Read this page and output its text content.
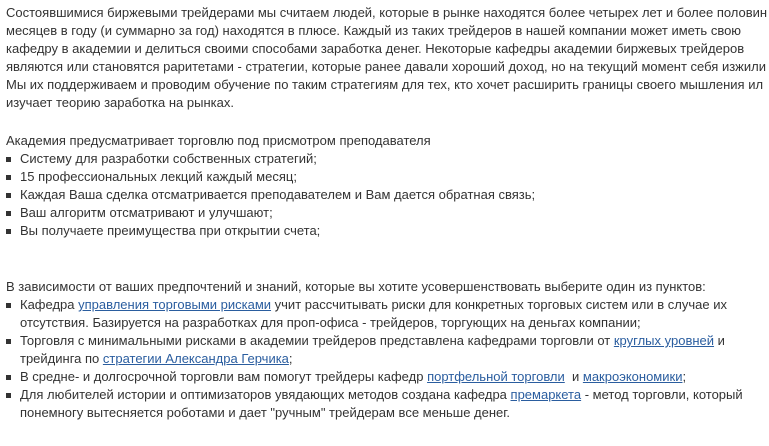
Состоявшимися биржевыми трейдерами мы считаем людей, которые в рынке находятся более четырех лет и более половин
месяцев в году (и суммарно за год) находятся в плюсе. Каждый из таких трейдеров в нашей компании может иметь свою
кафедру в академии и делиться своими способами заработка денег. Некоторые кафедры академии биржевых трейдеров
являются или становятся раритетами - стратегии, которые ранее давали хороший доход, но на текущий момент себя изжили
Мы их поддерживаем и проводим обучение по таким стратегиям для тех, кто хочет расширить границы своего мышления ил
изучает теорию заработка на рынках.
Академия предусматривает торговлю под присмотром преподавателя
Систему для разработки собственных стратегий;
15 профессиональных лекций каждый месяц;
Каждая Ваша сделка отсматривается преподавателем и Вам дается обратная связь;
Ваш алгоритм отсматривают и улучшают;
Вы получаете преимущества при открытии счета;
В зависимости от ваших предпочтений и знаний, которые вы хотите усовершенствовать выберите один из пунктов:
Кафедра управления торговыми рисками учит рассчитывать риски для конкретных торговых систем или в случае их
отсутствия. Базируется на разработках для проп-офиса - трейдеров, торгующих на деньгах компании;
Торговля с минимальными рисками в академии трейдеров представлена кафедрами торговли от круглых уровней и
трейдинга по стратегии Александра Герчика;
В средне- и долгосрочной торговли вам помогут трейдеры кафедр портфельной торговли  и макроэкономики;
Для любителей истории и оптимизаторов увядающих методов создана кафедра премаркета - метод торговли, который
понемногу вытесняется роботами и дает "ручным" трейдерам все меньше денег.
